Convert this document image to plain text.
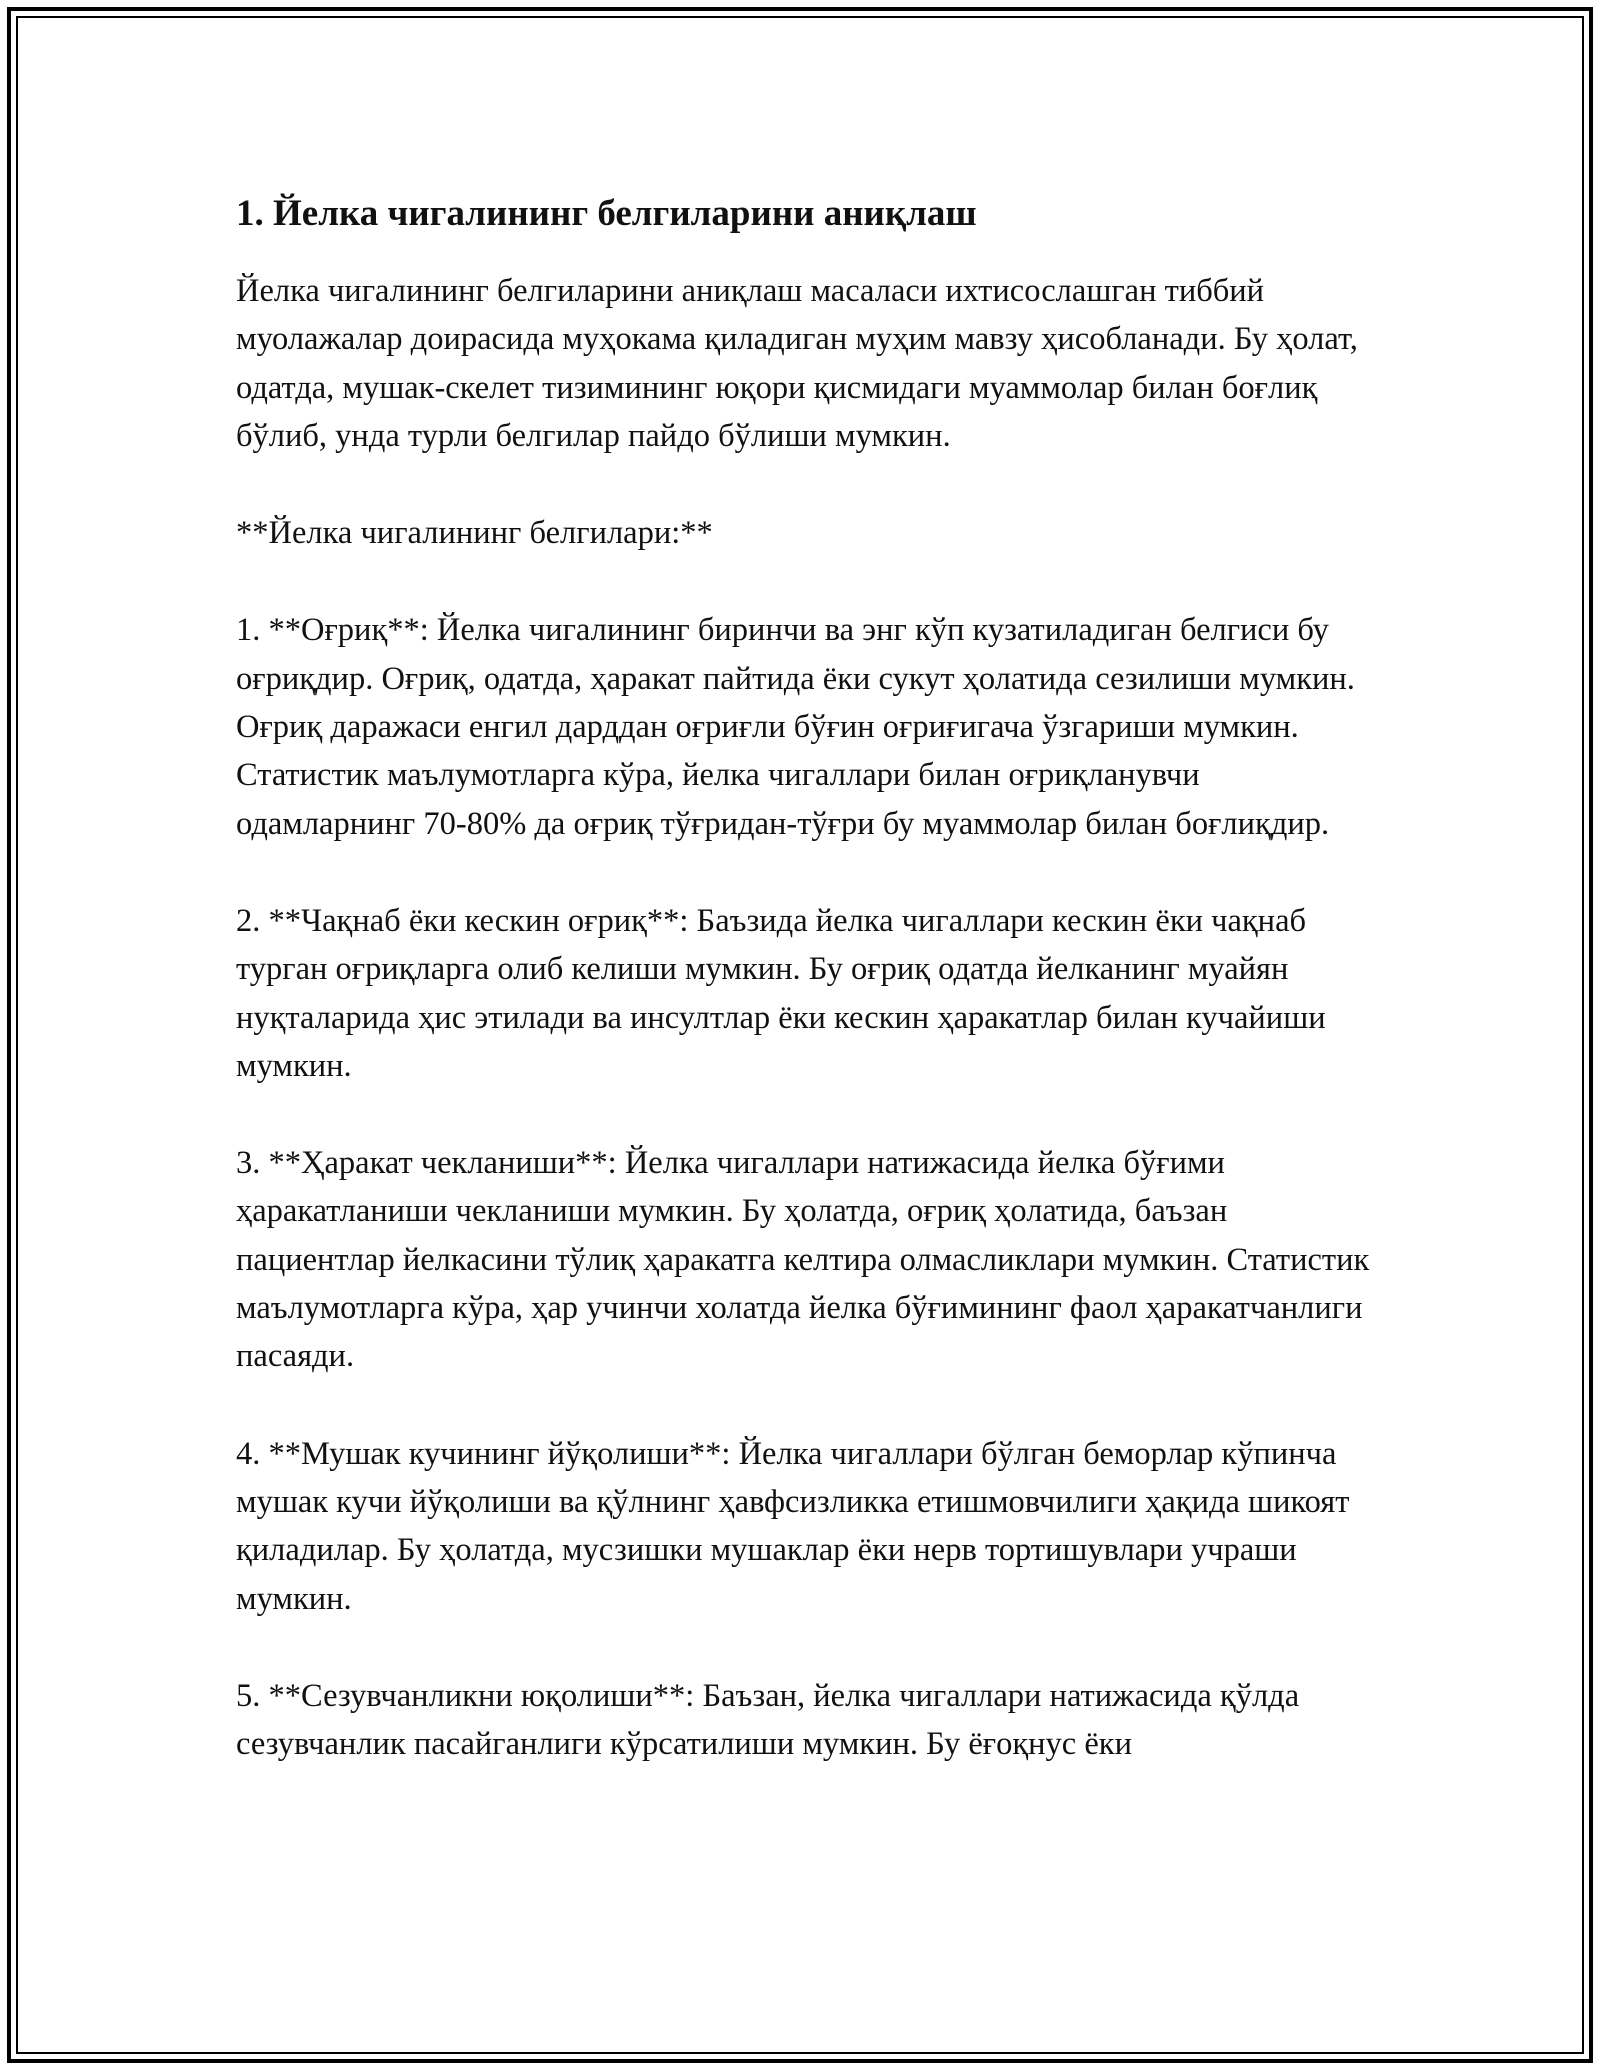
1. Йелка чигалининг белгиларини аниқлаш

Йелка чигалининг белгиларини аниқлаш масаласи ихтисослашган тиббий муолажалар доирасида муҳокама қиладиган муҳим мавзу ҳисобланади. Бу ҳолат, одатда, мушак-скелет тизимининг юқори қисмидаги муаммолар билан боғлиқ бўлиб, унда турли белгилар пайдо бўлиши мумкин.

**Йелка чигалининг белгилари:**

1. **Оғриқ**: Йелка чигалининг биринчи ва энг кўп кузатиладиган белгиси бу оғриқдир. Оғриқ, одатда, ҳаракат пайтида ёки сукут ҳолатида сезилиши мумкин. Оғриқ даражаси енгил дарддан оғриғли бўғин оғриғигача ўзгариши мумкин. Статистик маълумотларга кўра, йелка чигаллари билан оғриқланувчи одамларнинг 70-80% да оғриқ тўғридан-тўғри бу муаммолар билан боғлиқдир.

2. **Чақнаб ёки кескин оғриқ**: Баъзида йелка чигаллари кескин ёки чақнаб турган оғриқларга олиб келиши мумкин. Бу оғриқ одатда йелканинг муайян нуқталарида ҳис этилади ва инсултлар ёки кескин ҳаракатлар билан кучайиши мумкин.

3. **Ҳаракат чекланиши**: Йелка чигаллари натижасида йелка бўғими ҳаракатланиши чекланиши мумкин. Бу ҳолатда, оғриқ ҳолатида, баъзан пациентлар йелкасини тўлиқ ҳаракатга келтира олмасликлари мумкин. Статистик маълумотларга кўра, ҳар учинчи холатда йелка бўғимининг фаол ҳаракатчанлиги пасаяди.

4. **Мушак кучининг йўқолиши**: Йелка чигаллари бўлган беморлар кўпинча мушак кучи йўқолиши ва қўлнинг ҳавфсизликка етишмовчилиги ҳақида шикоят қиладилар. Бу ҳолатда, мусзишки мушаклар ёки нерв тортишувлари учраши мумкин.

5. **Сезувчанликни юқолиши**: Баъзан, йелка чигаллари натижасида қўлда сезувчанлик пасайганлиги кўрсатилиши мумкин. Бу ёғоқнус ёки
